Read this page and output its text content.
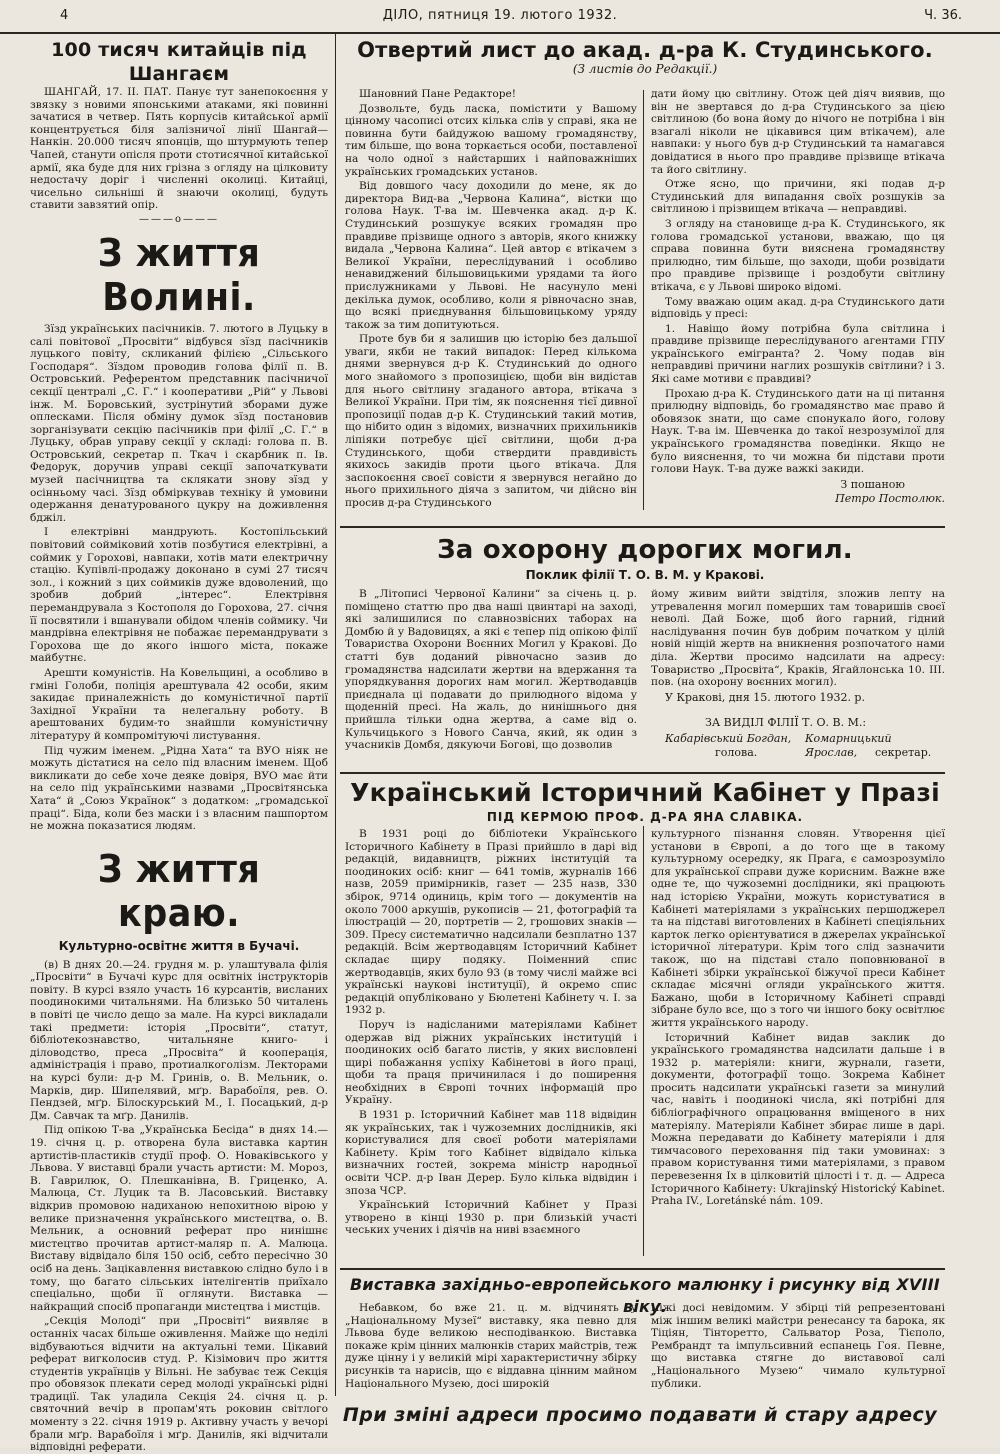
4	ДІЛО, пятниця 19. лютого 1932.	Ч. 36.
100 тисяч китайців під Шангаєм

ШАНГАЙ, 17. II. ПАТ. Панує тут занепокоєння у звязку з новими японськими атаками, які повинні зачатися в четвер. Пять корпусів китайської армії концентрується біля залізничої лінії Шангай—Нанкін. 20.000 тисяч японців, що штурмують тепер Чапей, станути опісля проти стотисячної китайської армії, яка буде для них грізна з огляду на цілковиту недостачу доріг і численні околиці. Китайці, чисельно сильніші й знаючи околиці, будуть ставити завзятий опір.

———o———
З життя Волині.

Зїзд українських пасічників. 7. лютого в Луцьку в салі повітової „Просвіти“ відбувся зїзд пасічників луцького повіту, скликаний філією „Сільського Господаря“. Зїздом проводив голова філії п. В. Островський. Референтом представник пасічничої секції централі „С. Г.“ і кооперативи „Рій“ у Львові інж. М. Боровський, зустрінутий зборами дуже оплесками. Після обміну думок зїзд постановив зорганізувати секцію пасічників при філії „С. Г.“ в Луцьку, обрав управу секції у складі: голова п. В. Островський, секретар п. Ткач і скарбник п. Ів. Федорук, доручив управі секції започаткувати музей пасічництва та склякати знову зїзд у осінньому часі. Зїзд обміркував техніку й умовини одержання денатурованого цукру на доживлення бджіл.

І електрівні мандрують. Костопільський повітовий сойміковий хотів позбутися електрівні, а соймик у Горохові, навпаки, хотів мати електричну стацію. Купівлі-продажу доконано в сумі 27 тисяч зол., і кожний з цих соймиків дуже вдоволений, що зробив добрий „інтерес“. Електрівня перемандрувала з Костополя до Горохова, 27. січня її посвятили і вшанували обідом членів соймику. Чи мандрівна електрівня не побажає перемандрувати з Горохова ще до якого іншого міста, покаже майбутнє.

Арешти комуністів. На Ковельщині, а особливо в гміні Голоби, поліція арештувала 42 особи, яким закидає приналежність до комуністичної партії Західної України та нелегальну роботу. В арештованих будим-то знайшли комуністичну літературу й компромітуючі листування.

Під чужим іменем. „Рідна Хата“ та ВУО ніяк не можуть дістатися на село під власним іменем. Щоб викликати до себе хоче деяке довіря, ВУО має йти на село під українськими назвами „Просвітянська Хата“ й „Союз Українок“ з додатком: „громадської праці“. Біда, коли без маски і з власним пашпортом не можна показатися людям.

З життя краю.
Культурно-освітнє життя в Бучачі.

(в) В днях 20.—24. грудня м. р. улаштувала філія „Просвіти“ в Бучачі курс для освітніх інструкторів повіту. В курсі взяло участь 16 курсантів, висланих поодинокими читальнями. На близько 50 читалень в повіті це число дещо за мале. На курсі викладали такі предмети: історія „Просвіти“, статут, бібліотекознавство, читальняне книго- і діловодство, преса „Просвіта“ й кооперація, адміністрація і право, протиалкоголізм. Лекторами на курсі були: д-р М. Гринів, о. В. Мельник, о. Марків, дир. Шипелявий, мґр. Варабоїля, рев. О. Пендзей, мґр. Білоскурський М., І. Посацький, д-р Дм. Савчак та мґр. Данилів.

Під опікою Т-ва „Українська Бесіда“ в днях 14.—19. січня ц. р. отворена була виставка картин артистів-пластиків студії проф. О. Новаківського у Львова. У виставці брали участь артисти: М. Мороз, В. Гаврилюк, О. Плешканівна, В. Гриценко, А. Малюца, Ст. Луцик та В. Ласовський. Виставку відкрив промовою надиханою непохитною вірою у велике призначення українського мистецтва, о. В. Мельник, а основний реферат про нинішнє мистецтво прочитав артист-маляр п. А. Малюца. Виставу відвідало біля 150 осіб, себто пересічно 30 осіб на день. Зацікавлення виставкою слідно було і в тому, що багато сільських інтелігентів приїхало спеціально, щоби її оглянути. Виставка — найкращий спосіб пропаганди мистецтва і мистців.

„Секція Молоді“ при „Просвіті“ виявляє в останніх часах більше оживлення. Майже що неділі відбуваються відчити на актуальні теми. Цікавий реферат вигколосив студ. Р. Кізімович про життя студентів українців у Вільні. Не забуває теж Секція про обовязок плекати серед молоді українські рідні традиції. Так уладила Секція 24. січня ц. р. святочний вечір в пропам'ять роковин світлого моменту з 22. січня 1919 р. Активну участь у вечорі брали мґр. Варабоїля і мґр. Данилів, які відчитали відповідні реферати.

Отвертий лист до акад. д-ра К. Студинського.
(З листів до Редакції.)

Шановний Пане Редакторе!

Дозвольте, будь ласка, помістити у Вашому цінному часописі отсих кілька слів у справі, яка не повинна бути байдужою вашому громадянству, тим більше, що вона торкається особи, поставленої на чоло одної з найстарших і найповажніших українських громадських установ.

Від довшого часу доходили до мене, як до директора Вид-ва „Червона Калина“, вістки що голова Наук. Т-ва ім. Шевченка акад. д-р К. Студинський розшукує всяких громадян про правдиве прізвище одного з авторів, якого книжку видала „Червона Калина“. Цей автор є втікачем з Великої України, переслідуваний і особливо ненавиджений більшовицькими урядами та його прислужниками у Львові. Не насунуло мені декілька думок, особливо, коли я рівночасно знав, що всякі приєднування більшовицькому уряду також за тим допитуються.

Проте був би я залишив цю історію без дальшої уваги, якби не такий випадок: Перед кількома днями звернувся д-р К. Студинський до одного мого знайомого з пропозицією, щоби він видістав для нього світлину згаданого автора, втікача з Великої України. При тім, як пояснення тієї дивної пропозиції подав д-р К. Студинський такий мотив, що нібито один з відомих, визначних прихильників ліпіяки потребує цієї світлини, щоби д-ра Студинського, щоби ствердити правдивість якихось закидів проти цього втікача. Для заспокоєння своєї совісти я звернувся негайно до нього прихильного діяча з запитом, чи дійсно він просив д-ра Студинського

дати йому цю світлину. Отож цей діяч виявив, що він не звертався до д-ра Студинського за цією світлиною (бо вона йому до нічого не потрібна і він взагалі ніколи не цікавився цим втікачем), але навпаки: у нього був д-р Студинський та намагався довідатися в нього про правдиве прізвище втікача та його світлину.

Отже ясно, що причини, які подав д-р Студинський для випадання своїх розшуків за світлиною і прізвищем втікача — неправдиві.

З огляду на становище д-ра К. Студинського, як голова громадської установи, вважаю, що ця справа повинна бути вияснена громадянству прилюдно, тим більше, що заходи, щоби розвідати про правдиве прізвище і роздобути світлину втікача, є у Львові широко відомі.

Тому вважаю оцим акад. д-ра Студинського дати відповідь у пресі:

1. Навіщо йому потрібна була світлина і правдиве прізвище переслідуваного агентами ГПУ українського емігранта? 2. Чому подав він неправдиві причини наглих розшуків світлини? і 3. Які саме мотиви є правдиві?

Прохаю д-ра К. Студинського дати на ці питання прилюдну відповідь, бо громадянство має право й обовязок знати, що саме спонукало його, голову Наук. Т-ва ім. Шевченка до такої незрозумілої для українського громадянства поведінки. Якщо не було вияснення, то чи можна би підстави проти голови Наук. Т-ва дуже важкі закиди.

З пошаною
Петро Постолюк.
За охорону дорогих могил.
Поклик філії Т. О. В. М. у Кракові.

В „Літописі Червоної Калини“ за січень ц. р. поміщено статтю про два наші цвинтарі на заході, які залишилися по славнозвісних таборах на Домбю й у Вадовицях, а які є тепер під опікою філії Товариства Охорони Воєнних Могил у Кракові. До статті був доданий рівночасно зазив до громадянства надсилати жертви на вдержання та упорядкування дорогих нам могил. Жертводавців приєднала ці подавати до прилюдного відома у щоденній пресі. На жаль, до нинішнього дня прийшла тільки одна жертва, а саме від о. Кульчицького з Нового Санча, який, як один з учасників Домбя, дякуючи Богові, що дозволив

йому живим вийти звідтіля, зложив лепту на утревалення могил померших там товаришів своєї неволі. Дай Боже, щоб його гарний, гідний наслідування почин був добрим початком у цілій новій ніщій жертв на вникнення розпочатого нами діла. Жертви просимо надсилати на адресу: Товариство „Просвіта“, Краків, Ягайлонська 10. III. пов. (на охорону воєнних могил).

У Кракові, дня 15. лютого 1932. р.
ЗА ВИДІЛ ФІЛІЇ Т. О. В. М.:
Кабарівський Богдан,
голова.
Комарницький Ярослав,	секретар.
Український Історичний Кабінет у Празі
ПІД КЕРМОЮ ПРОФ. Д-РА ЯНА СЛАВІКА.

В 1931 році до бібліотеки Українського Історичного Кабінету в Празі прийшло в дарі від редакцій, видавництв, ріжних інституцій та поодиноких осіб: книг — 641 томів, журналів 166 назв, 2059 примірників, газет — 235 назв, 330 збірок, 9714 одиниць, крім того — документів на около 7000 аркушів, рукописів — 21, фотографій та ілюстрацій — 20, портретів — 2, грошових знаків — 309. Пресу систематично надсилали безплатно 137 редакцій. Всім жертводавцям Історичний Кабінет складає щиру подяку. Поіменний спис жертводавців, яких було 93 (в тому числі майже всі українські наукові інституції), й окремо спис редакцій опубліковано у Бюлетені Кабінету ч. І. за 1932 р.

Поруч із надісланими матеріялами Кабінет одержав від ріжних українських інституцій і поодиноких осіб багато листів, у яких висловлені щирі побажання успіху Кабінетові в його праці, щоби та праця причинилася і до поширення необхідних в Європі точних інформацій про Україну.

В 1931 р. Історичний Кабінет мав 118 відвідин як українських, так і чужоземних дослідників, які користувалися для своєї роботи матеріялами Кабінету. Крім того Кабінет відвідало кілька визначних гостей, зокрема міністр народньої освіти ЧСР. д-р Іван Дерер. Було кілька відвідин і зпоза ЧСР.

Український Історичний Кабінет у Празі утворено в кінці 1930 р. при близькій участі чеських учених і діячів на ниві взаємного

культурного пізнання словян. Утворення цієї установи в Європі, а до того ще в такому культурному осередку, як Прага, є самозрозуміло для української справи дуже корисним. Важне вже одне те, що чужоземні дослідники, які працюють над історією України, можуть користуватися в Кабінеті матеріялами з українських першоджерел та на підставі виготовлених в Кабінеті спеціяльних карток легко орієнтуватися в джерелах української історичної літератури. Крім того слід зазначити також, що на підставі стало поповнюваної в Кабінеті збірки української біжучої преси Кабінет складає місячні огляди українського життя. Бажано, щоби в Історичному Кабінеті справді зібране було все, що з того чи іншого боку освітлює життя українського народу.

Історичний Кабінет видав заклик до українського громадянства надсилати дальше і в 1932 р. матеріяли: книги, журнали, газети, документи, фотографії тощо. Зокрема Кабінет просить надсилати українські газети за минулий час, навіть і поодинокі числа, які потрібні для бібліографічного опрацювання вміщеного в них матеріялу. Матеріяли Кабінет збирає лише в дарі. Можна передавати до Кабінету матеріяли і для тимчасового переховання під таки умовинах: з правом користування тими матеріялами, з правом перевезення Іх в цілковитій цілості і т. д. — Адреса Історичного Кабінету: Ukrajinský Historický Kabinet. Praha IV., Loretánské nám. 109.

Виставка західньо-европейського малюнку і рисунку від XVIII віку.

Небавком, бо вже 21. ц. м. відчинять у „Національному Музеї“ виставку, яка певно для Львова буде великою несподіванкою. Виставка покаже крім цінних малюнків старих майстрів, теж дуже цінну і у великій мірі характеристичну збірку рисунків та нарисів, що є віддавна цінним майном Національного Музею, досі широкій

міжі досі невідомим. У збірці тій репрезентовані між іншим великі майстри ренесансу та барока, як Тіціян, Тінторетто, Сальватор Роза, Тієполо, Рембрандт та імпульсивний еспанець Гоя. Певне, що виставка стягне до виставової салі „Національного Музею“ чимало культурної публики.

При зміні адреси просимо подавати й стару адресу
